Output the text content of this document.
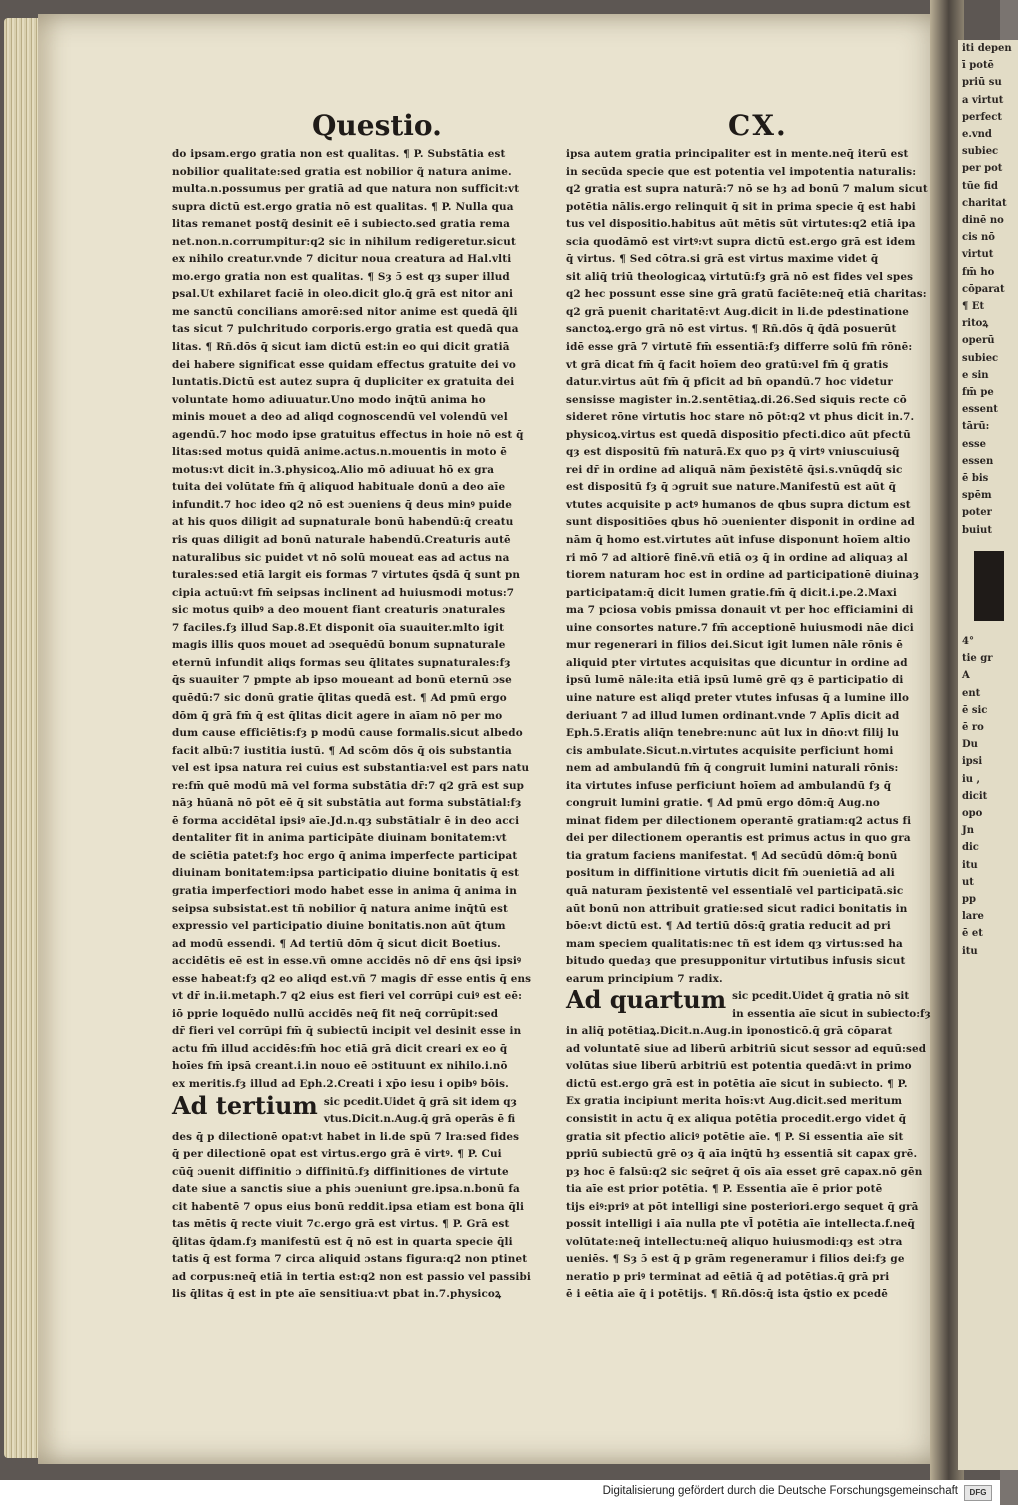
iti depen
ī potē
priū su
a virtut
perfect
e.vnd
subiec
per pot
tūe fid
charitat
dinē no
cis nō
virtut
fm̄ ho
cōparat
¶ Et
ritoꝝ
operū
subiec
e sin
fm̄ pe
essent
tārū:
esse
essen
ē bis
spēm
poter
buiut
4°
tie gr
A
ent
ē sic
ē ro
Du
ipsi
iu ,
dicit
opo
Jn
dic
itu
ut
pp
lare
ē et
itu
Questio.	CX.
do ipsam.ergo gratia non est qualitas. ¶ P. Substātia est
nobilior qualitate:sed gratia est nobilior q̃ natura anime.
multa.n.possumus per gratiā ad que natura non sufficit:vt
supra dictū est.ergo gratia nō est qualitas. ¶ P. Nulla qua
litas remanet postq̃ desinit eē i subiecto.sed gratia rema
net.non.n.corrumpitur:q2 sic in nihilum redigeretur.sicut
ex nihilo creatur.vnde 7 dicitur noua creatura ad Hal.vlti
mo.ergo gratia non est qualitas. ¶ Sȝ ɔ̄ est qȝ super illud
psal.Ut exhilaret faciē in oleo.dicit glo.q̄ grā est nitor ani
me sanctū concilians amorē:sed nitor anime est quedā q̄li
tas sicut 7 pulchritudo corporis.ergo gratia est quedā qua
litas. ¶ Rñ.dōs q̄ sicut iam dictū est:in eo qui dicit gratiā
dei habere significat esse quidam effectus gratuite dei vo
luntatis.Dictū est autez supra q̄ dupliciter ex gratuita dei
voluntate homo adiuuatur.Uno modo inq̄tū anima ho
minis mouet a deo ad aliqd cognoscendū vel volendū vel
agendū.7 hoc modo ipse gratuitus effectus in hoie nō est q̄
litas:sed motus quidā anime.actus.n.mouentis in moto ē
motus:vt dicit in.3.physicoꝝ.Alio mō adiuuat hō ex gra
tuita dei volūtate fm̄ q̄ aliquod habituale donū a deo aīe
infundit.7 hoc ideo q2 nō est ɔueniens q̄ deus minꝰ puide
at his quos diligit ad supnaturale bonū habendū:q̄ creatu
ris quas diligit ad bonū naturale habendū.Creaturis autē
naturalibus sic puidet vt nō solū moueat eas ad actus na
turales:sed etiā largit eis formas 7 virtutes q̄sdā q̄ sunt pn
cipia actuū:vt fm̄ seipsas inclinent ad huiusmodi motus:7
sic motus quibꝰ a deo mouent fiant creaturis ɔnaturales
7 faciles.fȝ illud Sap.8.Et disponit oīa suauiter.mlto igit
magis illis quos mouet ad ɔsequēdū bonum supnaturale
eternū infundit aliqs formas seu q̄litates supnaturales:fȝ
q̄s suauiter 7 pmpte ab ipso moueant ad bonū eternū ɔse
quēdū:7 sic donū gratie q̄litas quedā est. ¶ Ad pmū ergo
dōm q̄ grā fm̄ q̄ est q̄litas dicit agere in aīam nō per mo
dum cause efficiētis:fȝ p modū cause formalis.sicut albedo
facit albū:7 iustitia iustū. ¶ Ad scōm dōs q̄ ois substantia
vel est ipsa natura rei cuius est substantia:vel est pars natu
re:fm̄ quē modū mā vel forma substātia dr̄:7 q2 grā est sup
nāȝ hūanā nō pōt eē q̄ sit substātia aut forma substātial:fȝ
ē forma accidētal ipsiꝰ aīe.Jd.n.qȝ substātialr ē in deo acci
dentaliter fit in anima participāte diuinam bonitatem:vt
de sciētia patet:fȝ hoc ergo q̄ anima imperfecte participat
diuinam bonitatem:ipsa participatio diuine bonitatis q̄ est
gratia imperfectiori modo habet esse in anima q̄ anima in
seipsa subsistat.est tñ nobilior q̄ natura anime inq̄tū est
expressio vel participatio diuine bonitatis.non aūt q̄tum
ad modū essendi. ¶ Ad tertiū dōm q̄ sicut dicit Boetius.
accidētis eē est in esse.vñ omne accidēs nō dr̄ ens q̄si ipsiꝰ
esse habeat:fȝ q2 eo aliqd est.vñ 7 magis dr̄ esse entis q̄ ens
vt dr̄ in.ii.metaph.7 q2 eius est fieri vel corrūpi cuiꝰ est eē:
iō pprie loquēdo nullū accidēs neq̄ fit neq̄ corrūpit:sed
dr̄ fieri vel corrūpi fm̄ q̄ subiectū incipit vel desinit esse in
actu fm̄ illud accidēs:fm̄ hoc etiā grā dicit creari ex eo q̄
hoīes fm̄ ipsā creant.i.in nouo eē ɔstituunt ex nihilo.i.nō
ex meritis.fȝ illud ad Eph.2.Creati i xp̄o iesu i opibꝰ bōis.
Ad tertium sic pcedit.Uidet q̄ grā sit idem qȝ
vtus.Dicit.n.Aug.q̄ grā operās ē fi
des q̄ p dilectionē opat:vt habet in li.de spū 7 lra:sed fides
q̄ per dilectionē opat est virtus.ergo grā ē virtꝰ. ¶ P. Cui
cūq̄ ɔuenit diffinitio ɔ diffinitū.fȝ diffinitiones de virtute
date siue a sanctis siue a phis ɔueniunt gre.ipsa.n.bonū fa
cit habentē 7 opus eius bonū reddit.ipsa etiam est bona q̄li
tas mētis q̄ recte viuit 7c.ergo grā est virtus. ¶ P. Grā est
q̄litas q̄dam.fȝ manifestū est q̄ nō est in quarta specie q̄li
tatis q̄ est forma 7 circa aliquid ɔstans figura:q2 non ptinet
ad corpus:neq̄ etiā in tertia est:q2 non est passio vel passibi
lis q̄litas q̄ est in pte aīe sensitiua:vt pbat in.7.physicoꝝ
ipsa autem gratia principaliter est in mente.neq̄ iterū est
in secūda specie que est potentia vel impotentia naturalis:
q2 gratia est supra naturā:7 nō se hȝ ad bonū 7 malum sicut
potētia nālis.ergo relinquit q̄ sit in prima specie q̄ est habi
tus vel dispositio.habitus aūt mētis sūt virtutes:q2 etiā ipa
scia quodāmō est virtꝰ:vt supra dictū est.ergo grā est idem
q̄ virtus. ¶ Sed cōtra.si grā est virtus maxime videt q̄
sit aliq̄ triū theologicaꝝ virtutū:fȝ grā nō est fides vel spes
q2 hec possunt esse sine grā gratū faciēte:neq̄ etiā charitas:
q2 grā puenit charitatē:vt Aug.dicit in li.de pdestinatione
sanctoꝝ.ergo grā nō est virtus. ¶ Rñ.dōs q̄ q̄dā posuerūt
idē esse grā 7 virtutē fm̄ essentiā:fȝ differre solū fm̄ rōnē:
vt grā dicat fm̄ q̄ facit hoīem deo gratū:vel fm̄ q̄ gratis
datur.virtus aūt fm̄ q̄ pficit ad bn̄ opandū.7 hoc videtur
sensisse magister in.2.sentētiaꝝ.di.26.Sed siquis recte cō
sideret rōne virtutis hoc stare nō pōt:q2 vt phus dicit in.7.
physicoꝝ.virtus est quedā dispositio pfecti.dico aūt pfectū
qȝ est dispositū fm̄ naturā.Ex quo pȝ q̄ virtꝰ vniuscuiusq̄
rei dr̄ in ordine ad aliquā nām p̄existētē q̄si.s.vnūqdq̄ sic
est dispositū fȝ q̄ ɔgruit sue nature.Manifestū est aūt q̄
vtutes acquisite p actꝰ humanos de qbus supra dictum est
sunt dispositiōes qbus hō ɔuenienter disponit in ordine ad
nām q̄ homo est.virtutes aūt infuse disponunt hoīem altio
ri mō 7 ad altiorē finē.vñ etiā oȝ q̄ in ordine ad aliquaȝ al
tiorem naturam hoc est in ordine ad participationē diuinaȝ
participatam:q̄ dicit lumen gratie.fm̄ q̄ dicit.i.pe.2.Maxi
ma 7 pciosa vobis pmissa donauit vt per hoc efficiamini di
uine consortes nature.7 fm̄ acceptionē huiusmodi nāe dici
mur regenerari in filios dei.Sicut igit lumen nāle rōnis ē
aliquid pter virtutes acquisitas que dicuntur in ordine ad
ipsū lumē nāle:ita etiā ipsū lumē grē qȝ ē participatio di
uine nature est aliqd preter vtutes infusas q̄ a lumine illo
deriuant 7 ad illud lumen ordinant.vnde 7 Aplīs dicit ad
Eph.5.Eratis aliq̄n tenebre:nunc aūt lux in dn̄o:vt filij lu
cis ambulate.Sicut.n.virtutes acquisite perficiunt homi
nem ad ambulandū fm̄ q̄ congruit lumini naturali rōnis:
ita virtutes infuse perficiunt hoīem ad ambulandū fȝ q̄
congruit lumini gratie. ¶ Ad pmū ergo dōm:q̄ Aug.no
minat fidem per dilectionem operantē gratiam:q2 actus fi
dei per dilectionem operantis est primus actus in quo gra
tia gratum faciens manifestat. ¶ Ad secūdū dōm:q̄ bonū
positum in diffinitione virtutis dicit fm̄ ɔuenietiā ad ali
quā naturam p̄existentē vel essentialē vel participatā.sic
aūt bonū non attribuit gratie:sed sicut radici bonitatis in
bōe:vt dictū est. ¶ Ad tertiū dōs:q̄ gratia reducit ad pri
mam speciem qualitatis:nec tñ est idem qȝ virtus:sed ha
bitudo quedaȝ que presupponitur virtutibus infusis sicut
earum principium 7 radix.
Ad quartum sic pcedit.Uidet q̄ gratia nō sit
in essentia aīe sicut in subiecto:fȝ
in aliq̄ potētiaꝝ.Dicit.n.Aug.in iponosticō.q̄ grā cōparat
ad voluntatē siue ad liberū arbitriū sicut sessor ad equū:sed
volūtas siue liberū arbitriū est potentia quedā:vt in primo
dictū est.ergo grā est in potētia aīe sicut in subiecto. ¶ P.
Ex gratia incipiunt merita hoīs:vt Aug.dicit.sed meritum
consistit in actu q̄ ex aliqua potētia procedit.ergo videt q̄
gratia sit pfectio aliciꝰ potētie aīe. ¶ P. Si essentia aīe sit
ppriū subiectū grē oȝ q̄ aīa inq̄tū hȝ essentiā sit capax grē.
pȝ hoc ē falsū:q2 sic seq̄ret q̄ oīs aīa esset grē capax.nō gēn
tia aīe est prior potētia. ¶ P. Essentia aīe ē prior potē
tijs eiꝰ:priꝰ at pōt intelligi sine posteriori.ergo sequet q̄ grā
possit intelligi i aīa nulla pte vl̄ potētia aīe intellecta.f.neq̄
volūtate:neq̄ intellectu:neq̄ aliquo huiusmodi:qȝ est ɔtra
ueniēs. ¶ Sȝ ɔ̄ est q̄ p grām regeneramur i filios dei:fȝ ge
neratio p priꝰ terminat ad eētiā q̄ ad potētias.q̄ grā pri
ē i eētia aīe q̄ i potētijs. ¶ Rñ.dōs:q̄ ista q̄stio ex pcedē
Digitalisierung gefördert durch die Deutsche Forschungsgemeinschaft	DFG
